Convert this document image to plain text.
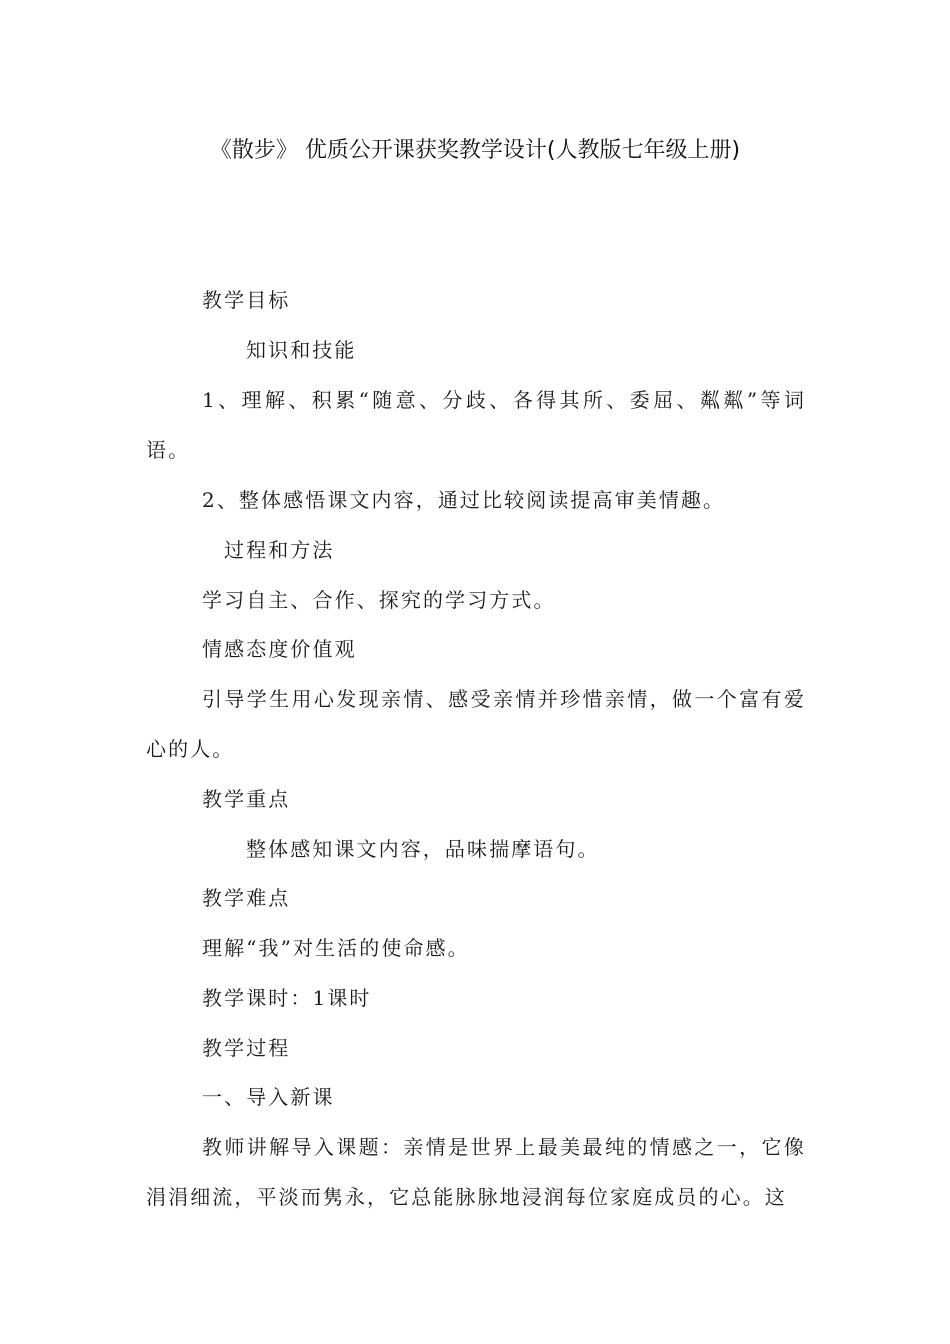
《散步》 优质公开课获奖教学设计(人教版七年级上册)
教学目标
知识和技能
1、理解、积累“随意、分歧、各得其所、委屈、粼粼”等词语。
2、整体感悟课文内容，通过比较阅读提高审美情趣。
过程和方法
学习自主、合作、探究的学习方式。
情感态度价值观
引导学生用心发现亲情、感受亲情并珍惜亲情，做一个富有爱心的人。
教学重点
整体感知课文内容，品味揣摩语句。
教学难点
理解“我”对生活的使命感。
教学课时：1课时
教学过程
一、导入新课
教师讲解导入课题：亲情是世界上最美最纯的情感之一，它像涓涓细流，平淡而隽永，它总能脉脉地浸润每位家庭成员的心。这
